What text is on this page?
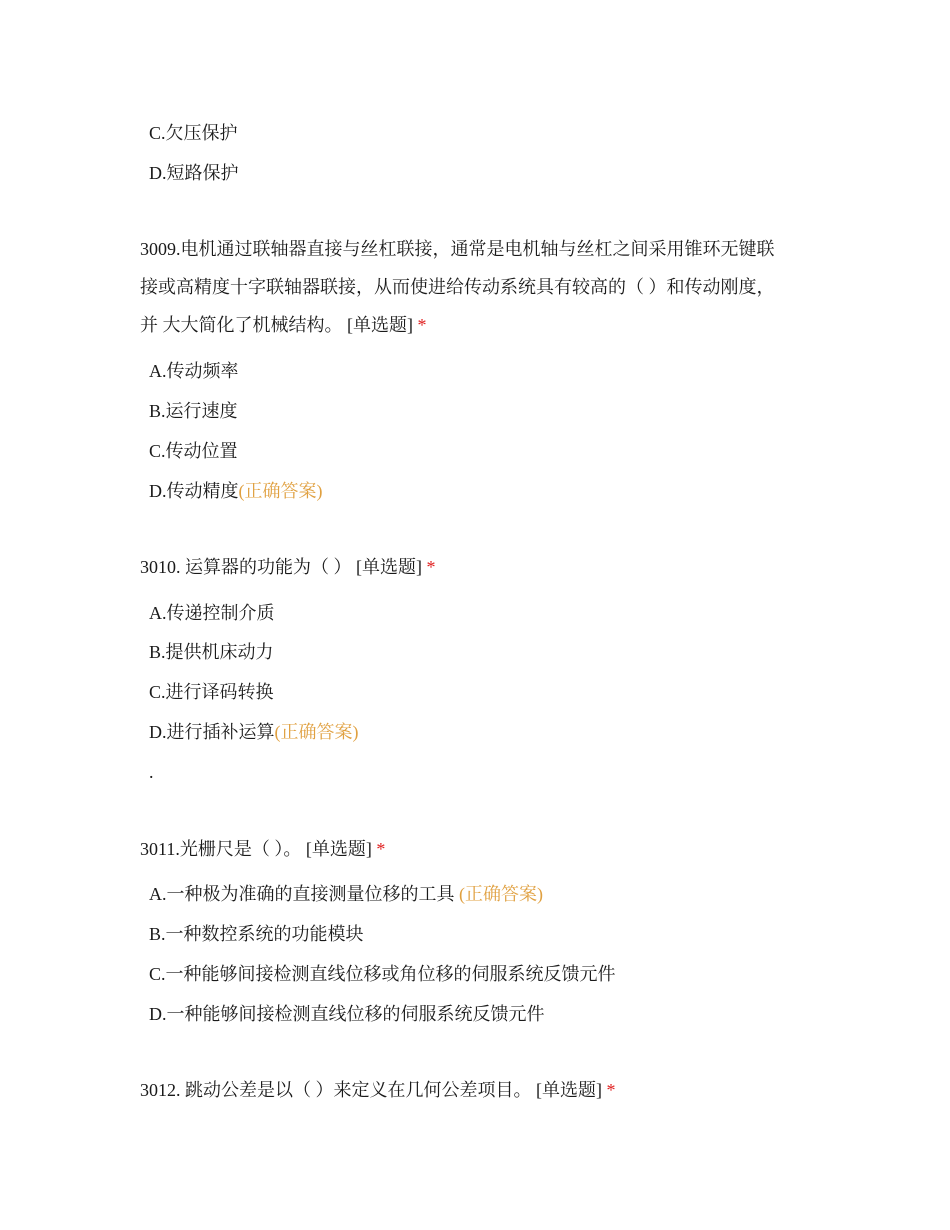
C.欠压保护
D.短路保护
3009.电机通过联轴器直接与丝杠联接，通常是电机轴与丝杠之间采用锥环无键联
接或高精度十字联轴器联接，从而使进给传动系统具有较高的（ ）和传动刚度，
并 大大简化了机械结构。 [单选题] *
A.传动频率
B.运行速度
C.传动位置
D.传动精度(正确答案)
3010. 运算器的功能为（ ） [单选题] *
A.传递控制介质
B.提供机床动力
C.进行译码转换
D.进行插补运算(正确答案)
.
3011.光栅尺是（ ）。 [单选题] *
A.一种极为准确的直接测量位移的工具 (正确答案)
B.一种数控系统的功能模块
C.一种能够间接检测直线位移或角位移的伺服系统反馈元件
D.一种能够间接检测直线位移的伺服系统反馈元件
3012. 跳动公差是以（ ）来定义在几何公差项目。 [单选题] *
